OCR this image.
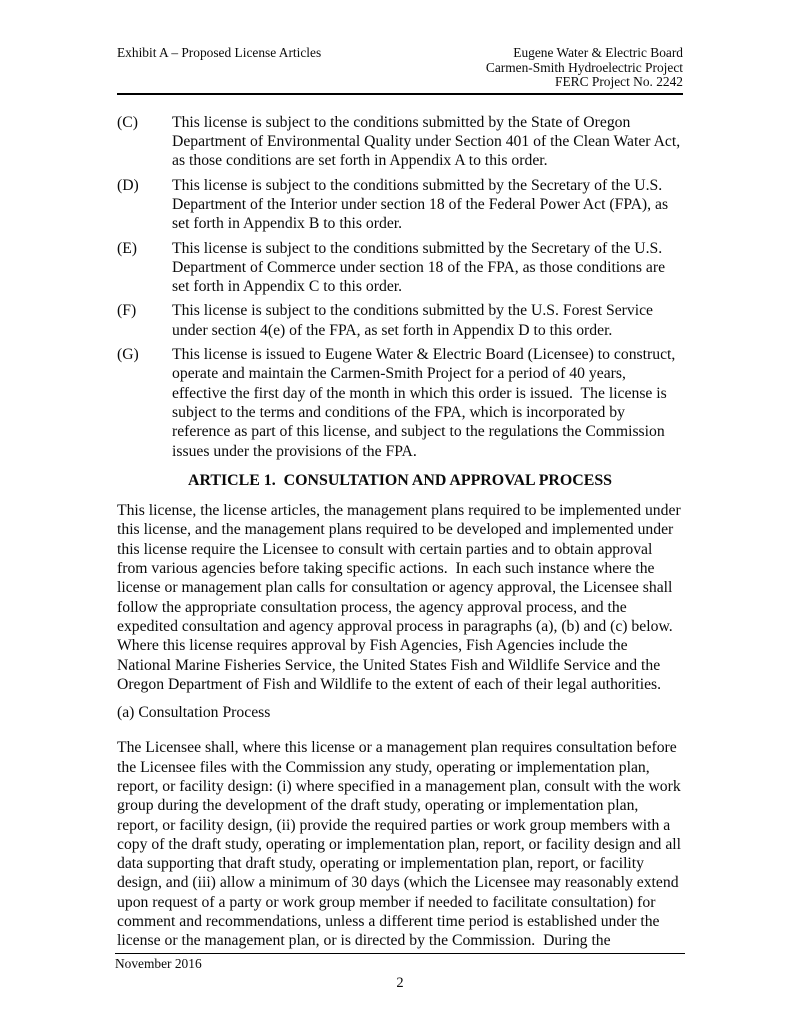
Exhibit A – Proposed License Articles	Eugene Water & Electric Board
Carmen-Smith Hydroelectric Project
FERC Project No. 2242
(C)	This license is subject to the conditions submitted by the State of Oregon Department of Environmental Quality under Section 401 of the Clean Water Act, as those conditions are set forth in Appendix A to this order.
(D)	This license is subject to the conditions submitted by the Secretary of the U.S. Department of the Interior under section 18 of the Federal Power Act (FPA), as set forth in Appendix B to this order.
(E)	This license is subject to the conditions submitted by the Secretary of the U.S. Department of Commerce under section 18 of the FPA, as those conditions are set forth in Appendix C to this order.
(F)	This license is subject to the conditions submitted by the U.S. Forest Service under section 4(e) of the FPA, as set forth in Appendix D to this order.
(G)	This license is issued to Eugene Water & Electric Board (Licensee) to construct, operate and maintain the Carmen-Smith Project for a period of 40 years, effective the first day of the month in which this order is issued.  The license is subject to the terms and conditions of the FPA, which is incorporated by reference as part of this license, and subject to the regulations the Commission issues under the provisions of the FPA.
ARTICLE 1.  CONSULTATION AND APPROVAL PROCESS

This license, the license articles, the management plans required to be implemented under this license, and the management plans required to be developed and implemented under this license require the Licensee to consult with certain parties and to obtain approval from various agencies before taking specific actions.  In each such instance where the license or management plan calls for consultation or agency approval, the Licensee shall follow the appropriate consultation process, the agency approval process, and the expedited consultation and agency approval process in paragraphs (a), (b) and (c) below.  Where this license requires approval by Fish Agencies, Fish Agencies include the National Marine Fisheries Service, the United States Fish and Wildlife Service and the Oregon Department of Fish and Wildlife to the extent of each of their legal authorities.

(a) Consultation Process

The Licensee shall, where this license or a management plan requires consultation before the Licensee files with the Commission any study, operating or implementation plan, report, or facility design: (i) where specified in a management plan, consult with the work group during the development of the draft study, operating or implementation plan, report, or facility design, (ii) provide the required parties or work group members with a copy of the draft study, operating or implementation plan, report, or facility design and all data supporting that draft study, operating or implementation plan, report, or facility design, and (iii) allow a minimum of 30 days (which the Licensee may reasonably extend upon request of a party or work group member if needed to facilitate consultation) for comment and recommendations, unless a different time period is established under the license or the management plan, or is directed by the Commission.  During the

November 2016
2
